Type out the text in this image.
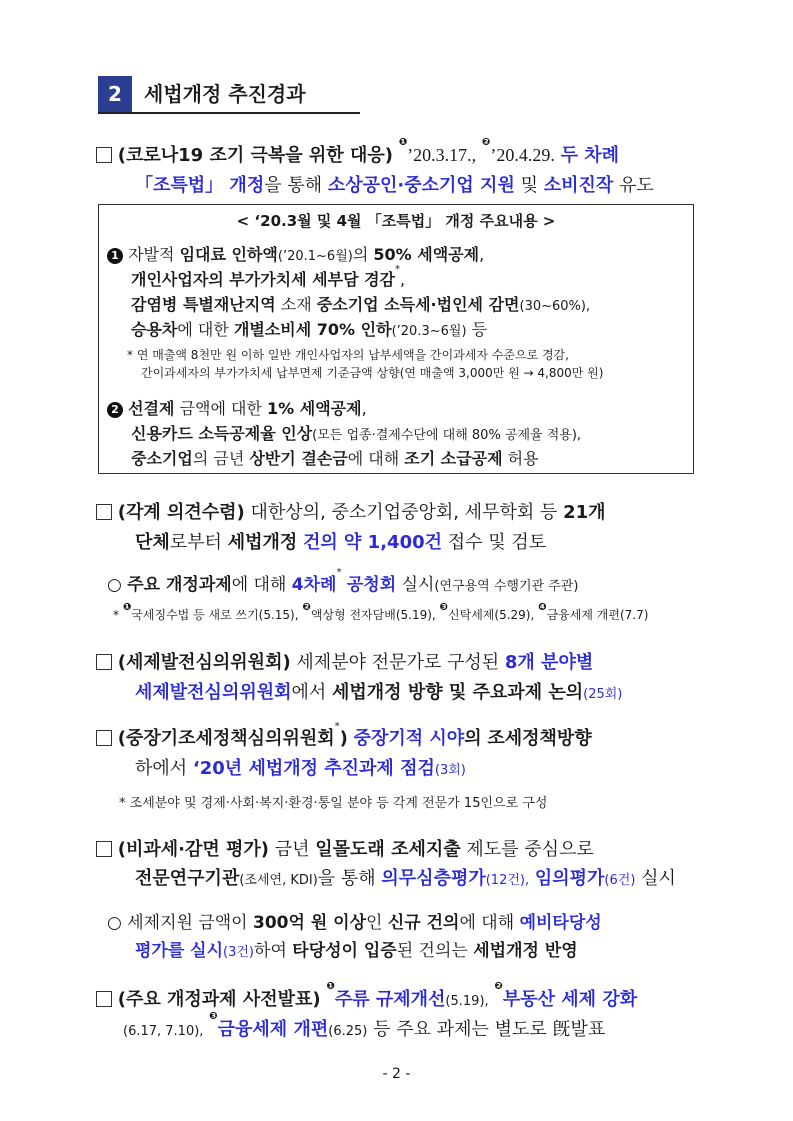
2	세법개정 추진경과
(코로나19 조기 극복을 위한 대응) $^❶$’20.3.17., $^❷$’20.4.29. 두 차례
「조특법」 개정을 통해 소상공인·중소기업 지원 및 소비진작 유도
< ‘20.3월 및 4월 「조특법」 개정 주요내용 >
1 자발적 임대료 인하액(’20.1~6월)의 50% 세액공제,
개인사업자의 부가가치세 세부담 경감*,
감염병 특별재난지역 소재 중소기업 소득세·법인세 감면(30~60%),
승용차에 대한 개별소비세 70% 인하(’20.3~6월) 등
* 연 매출액 8천만 원 이하 일반 개인사업자의 납부세액을 간이과세자 수준으로 경감,
간이과세자의 부가가치세 납부면제 기준금액 상향(연 매출액 3,000만 원 → 4,800만 원)
2 선결제 금액에 대한 1% 세액공제,
신용카드 소득공제율 인상(모든 업종·결제수단에 대해 80% 공제율 적용),
중소기업의 금년 상반기 결손금에 대해 조기 소급공제 허용
(각계 의견수렴) 대한상의, 중소기업중앙회, 세무학회 등 21개
단체로부터 세법개정 건의 약 1,400건 접수 및 검토
○ 주요 개정과제에 대해 4차례* 공청회 실시(연구용역 수행기관 주관)
* $^❶$국세징수법 등 새로 쓰기(5.15), $^❷$액상형 전자담배(5.19), $^❸$신탁세제(5.29), $^❹$금융세제 개편(7.7)
(세제발전심의위원회) 세제분야 전문가로 구성된 8개 분야별
세제발전심의위원회에서 세법개정 방향 및 주요과제 논의(25회)
(중장기조세정책심의위원회*) 중장기적 시야의 조세정책방향
하에서 ‘20년 세법개정 추진과제 점검(3회)
* 조세분야 및 경제·사회·복지·환경·통일 분야 등 각계 전문가 15인으로 구성
(비과세·감면 평가) 금년 일몰도래 조세지출 제도를 중심으로
전문연구기관(조세연, KDI)을 통해 의무심층평가(12건), 임의평가(6건) 실시
○ 세제지원 금액이 300억 원 이상인 신규 건의에 대해 예비타당성
평가를 실시(3건)하여 타당성이 입증된 건의는 세법개정 반영
(주요 개정과제 사전발표) $^❶$주류 규제개선(5.19), $^❷$부동산 세제 강화
(6.17, 7.10), $^❸$금융세제 개편(6.25) 등 주요 과제는 별도로 旣발표
- 2 -
